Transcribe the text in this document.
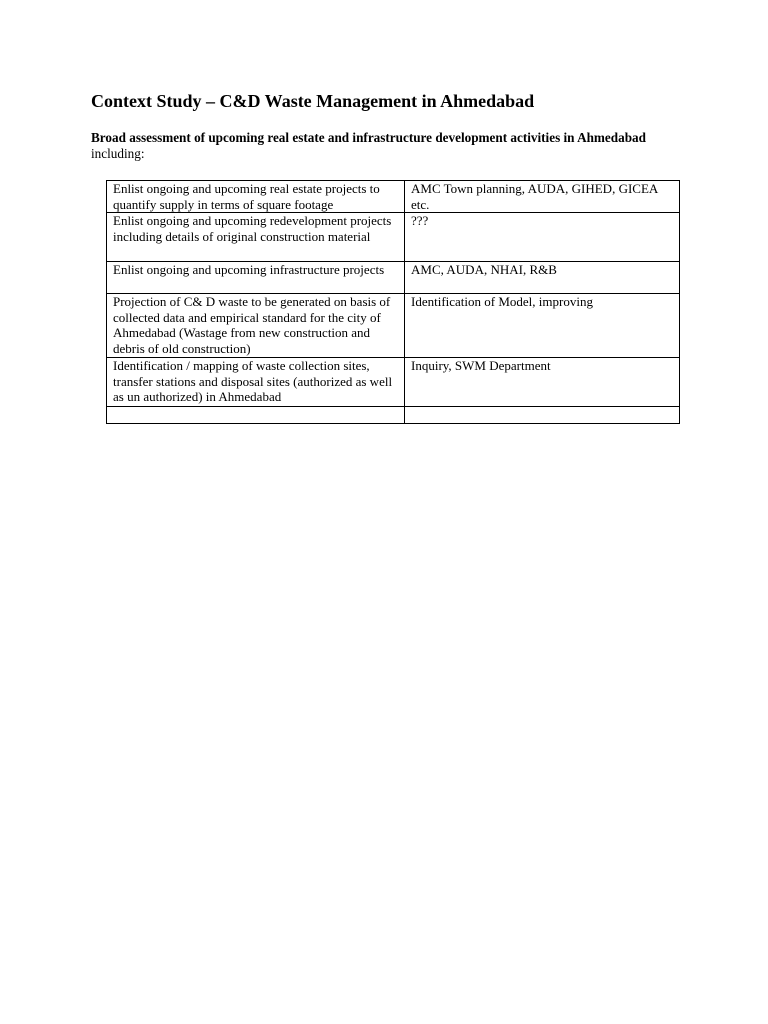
Context Study – C&D Waste Management in Ahmedabad
Broad assessment of upcoming real estate and infrastructure development activities in Ahmedabad including:
Enlist ongoing and upcoming real estate projects to quantify supply in terms of square footage	AMC Town planning, AUDA, GIHED, GICEA etc.
Enlist ongoing and upcoming redevelopment projects including details of original construction material	???
Enlist ongoing and upcoming infrastructure projects	AMC, AUDA, NHAI, R&B
Projection of C& D waste to be generated on basis of collected data and empirical standard for the city of Ahmedabad (Wastage from new construction and debris of old construction)	Identification of Model, improving
Identification / mapping of waste collection sites, transfer stations and disposal sites (authorized as well as un authorized) in Ahmedabad	Inquiry, SWM Department
